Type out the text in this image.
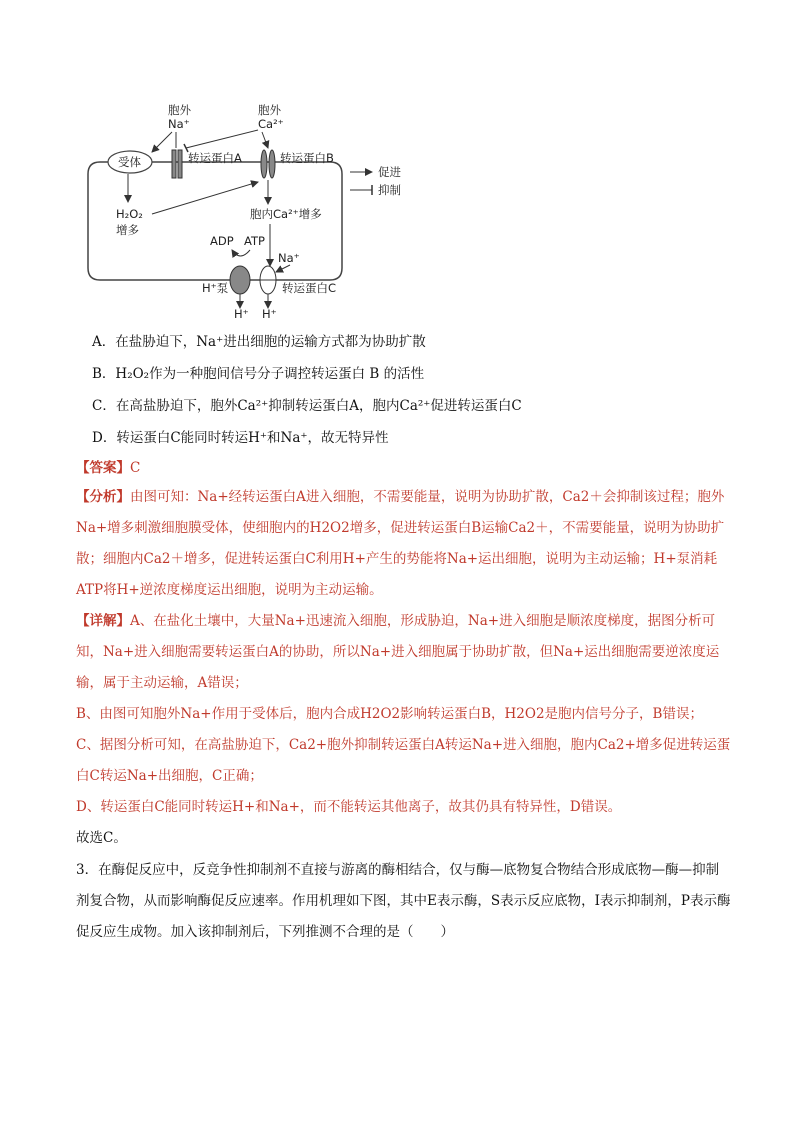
受体	转运蛋白A	转运蛋白B
胞外
Na⁺
胞外
Ca²⁺
促进
抑制
H₂O₂
增多
胞内Ca²⁺增多
ADP ATP
Na⁺
H⁺泵
H⁺ H⁺
转运蛋白C
A．在盐胁迫下，Na⁺进出细胞的运输方式都为协助扩散
B．H₂O₂作为一种胞间信号分子调控转运蛋白 B 的活性
C．在高盐胁迫下，胞外Ca²⁺抑制转运蛋白A，胞内Ca²⁺促进转运蛋白C
D．转运蛋白C能同时转运H⁺和Na⁺，故无特异性
【答案】C
【分析】由图可知：Na+经转运蛋白A进入细胞，不需要能量，说明为协助扩散，Ca2＋会抑制该过程；胞外Na+增多刺激细胞膜受体，使细胞内的H2O2增多，促进转运蛋白B运输Ca2＋，不需要能量，说明为协助扩散；细胞内Ca2＋增多，促进转运蛋白C利用H+产生的势能将Na+运出细胞，说明为主动运输；H+泵消耗ATP将H+逆浓度梯度运出细胞，说明为主动运输。
【详解】A、在盐化土壤中，大量Na+迅速流入细胞，形成胁迫，Na+进入细胞是顺浓度梯度，据图分析可知，Na+进入细胞需要转运蛋白A的协助，所以Na+进入细胞属于协助扩散，但Na+运出细胞需要逆浓度运输，属于主动运输，A错误；
B、由图可知胞外Na+作用于受体后，胞内合成H2O2影响转运蛋白B，H2O2是胞内信号分子，B错误；
C、据图分析可知，在高盐胁迫下，Ca2+胞外抑制转运蛋白A转运Na+进入细胞，胞内Ca2+增多促进转运蛋白C转运Na+出细胞，C正确；
D、转运蛋白C能同时转运H+和Na+，而不能转运其他离子，故其仍具有特异性，D错误。
故选C。
3．在酶促反应中，反竞争性抑制剂不直接与游离的酶相结合，仅与酶—底物复合物结合形成底物—酶—抑制剂复合物，从而影响酶促反应速率。作用机理如下图，其中E表示酶，S表示反应底物，I表示抑制剂，P表示酶促反应生成物。加入该抑制剂后，下列推测不合理的是（　　）
